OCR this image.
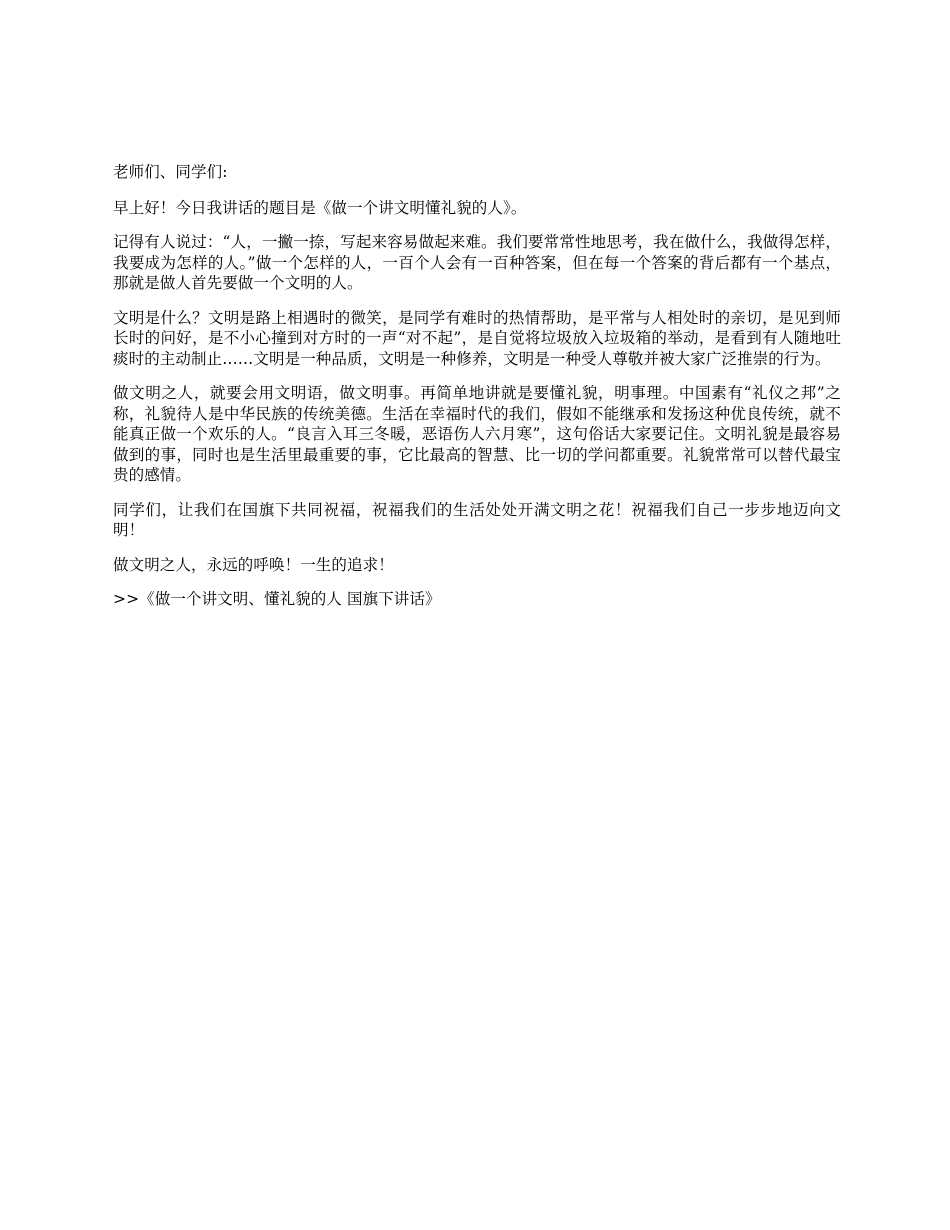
老师们、同学们:

早上好！今日我讲话的题目是《做一个讲文明懂礼貌的人》。

记得有人说过：“人，一撇一捺，写起来容易做起来难。我们要常常性地思考，我在做什么，我做得怎样，我要成为怎样的人。”做一个怎样的人，一百个人会有一百种答案，但在每一个答案的背后都有一个基点，那就是做人首先要做一个文明的人。

文明是什么？文明是路上相遇时的微笑，是同学有难时的热情帮助，是平常与人相处时的亲切，是见到师长时的问好，是不小心撞到对方时的一声“对不起”，是自觉将垃圾放入垃圾箱的举动，是看到有人随地吐痰时的主动制止……文明是一种品质，文明是一种修养，文明是一种受人尊敬并被大家广泛推崇的行为。

做文明之人，就要会用文明语，做文明事。再简单地讲就是要懂礼貌，明事理。中国素有“礼仪之邦”之称，礼貌待人是中华民族的传统美德。生活在幸福时代的我们，假如不能继承和发扬这种优良传统，就不能真正做一个欢乐的人。“良言入耳三冬暖，恶语伤人六月寒”，这句俗话大家要记住。文明礼貌是最容易做到的事，同时也是生活里最重要的事，它比最高的智慧、比一切的学问都重要。礼貌常常可以替代最宝贵的感情。

同学们，让我们在国旗下共同祝福，祝福我们的生活处处开满文明之花！祝福我们自己一步步地迈向文明！

做文明之人，永远的呼唤！一生的追求！

>>《做一个讲文明、懂礼貌的人 国旗下讲话》
